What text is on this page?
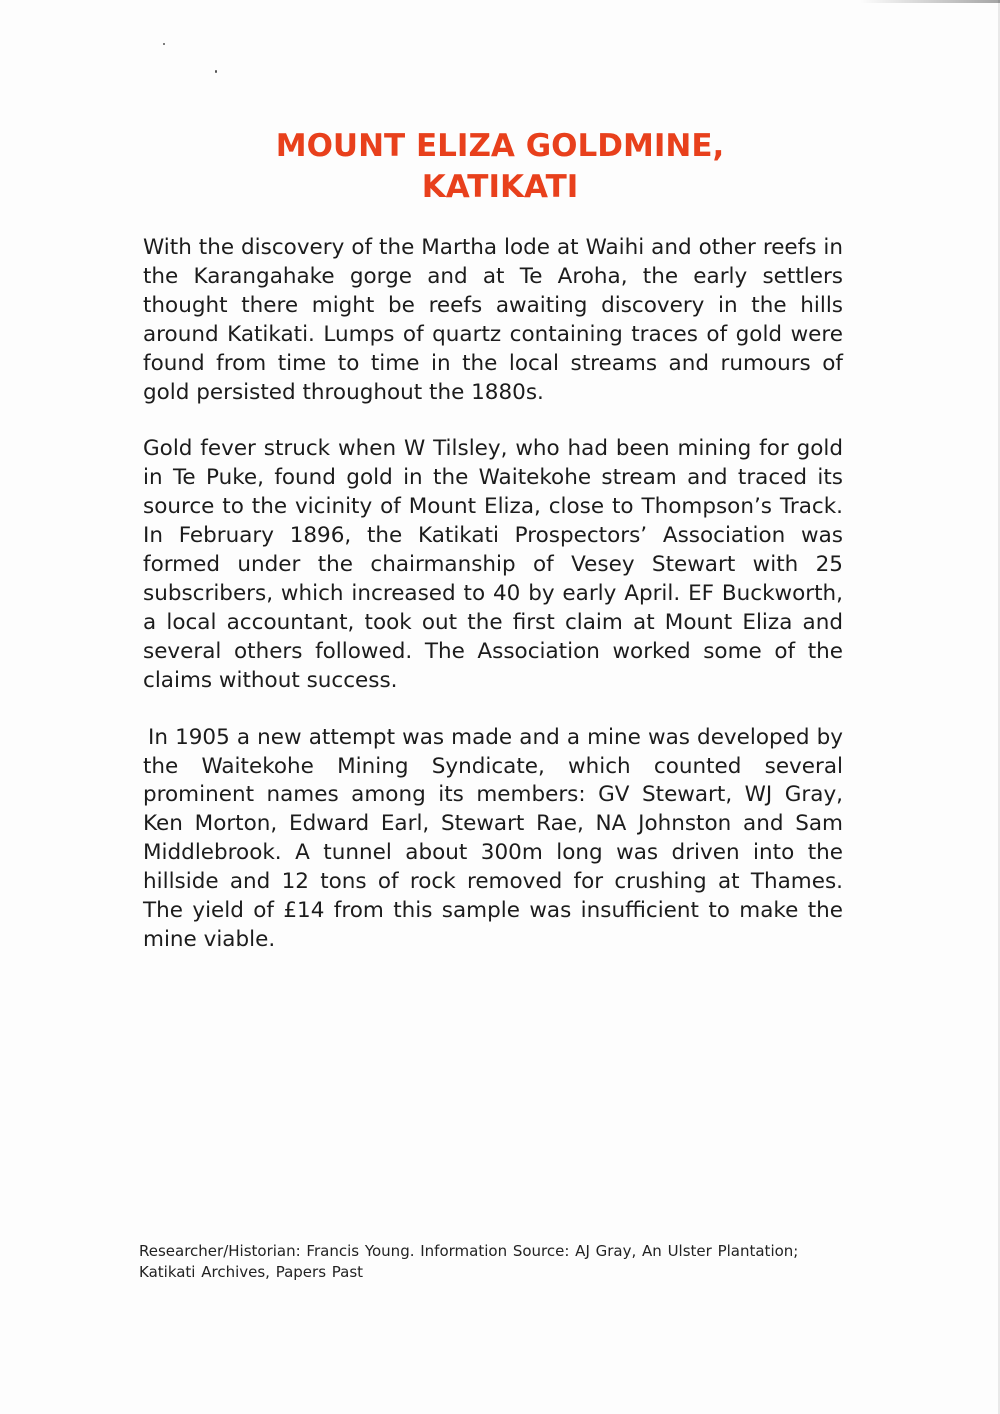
MOUNT ELIZA GOLDMINE,
KATIKATI

With the discovery of the Martha lode at Waihi and other reefs in the Karangahake gorge and at Te Aroha, the early settlers thought there might be reefs awaiting discovery in the hills around Katikati. Lumps of quartz containing traces of gold were found from time to time in the local streams and rumours of gold persisted throughout the 1880s.

Gold fever struck when W Tilsley, who had been mining for gold in Te Puke, found gold in the Waitekohe stream and traced its source to the vicinity of Mount Eliza, close to Thompson’s Track. In February 1896, the Katikati Prospectors’ Association was formed under the chairmanship of Vesey Stewart with 25 subscribers, which increased to 40 by early April. EF Buckworth, a local accountant, took out the first claim at Mount Eliza and several others followed. The Association worked some of the claims without success.

In 1905 a new attempt was made and a mine was developed by the Waitekohe Mining Syndicate, which counted several prominent names among its members: GV Stewart, WJ Gray, Ken Morton, Edward Earl, Stewart Rae, NA Johnston and Sam Middlebrook. A tunnel about 300m long was driven into the hillside and 12 tons of rock removed for crushing at Thames. The yield of £14 from this sample was insufficient to make the mine viable.

Researcher/Historian: Francis Young. Information Source: AJ Gray, An Ulster Plantation; Katikati Archives, Papers Past
